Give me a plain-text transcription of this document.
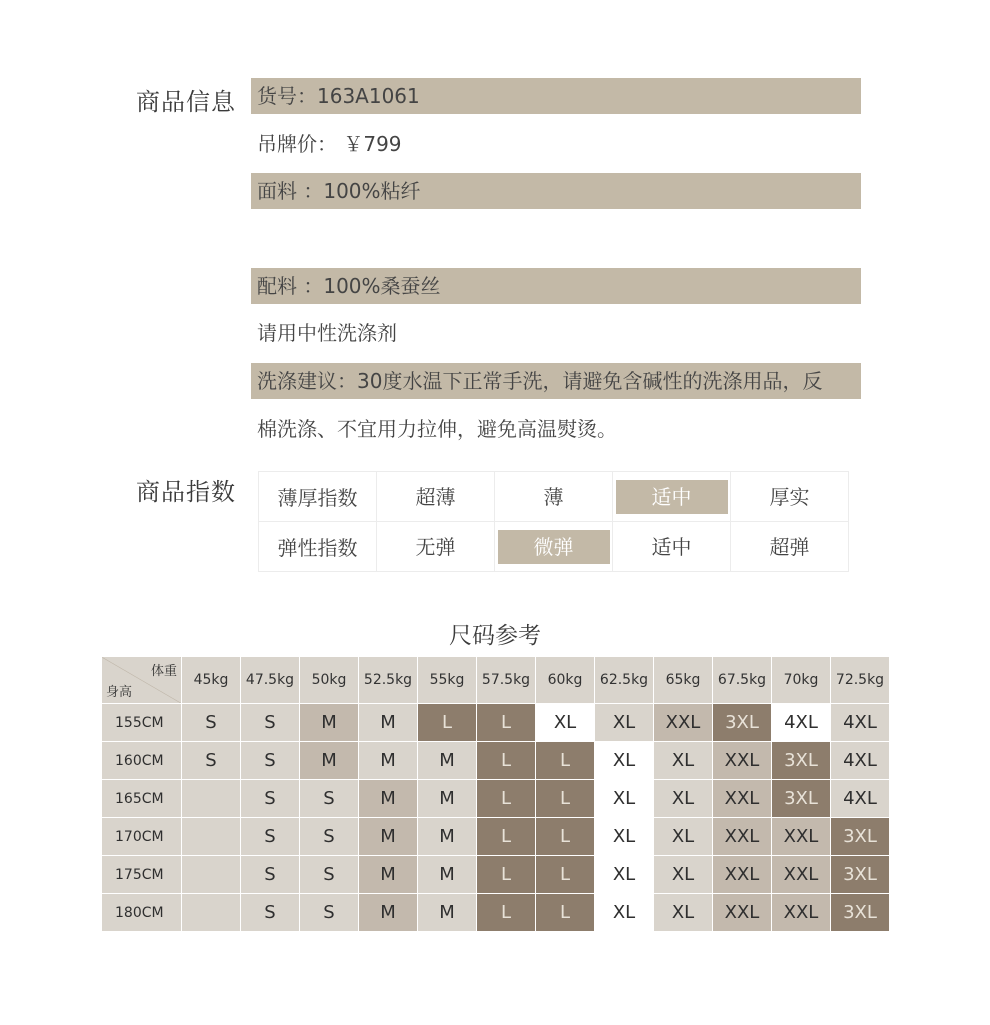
商品信息	货号：163A1061
吊牌价： ￥799
面料 ：100%粘纤
配料 ：100%桑蚕丝
请用中性洗涤剂
洗涤建议：30度水温下正常手洗，请避免含碱性的洗涤用品，反
棉洗涤、不宜用力拉伸，避免高温熨烫。
商品指数 薄厚指数	超薄	薄	适中	厚实
弹性指数	无弹	微弹	适中	超弹
尺码参考
体重
身高	45kg	47.5kg	50kg	52.5kg	55kg	57.5kg	60kg	62.5kg	65kg	67.5kg	70kg	72.5kg
155CM	S	S	M	M	L	L	XL	XL	XXL	3XL	4XL	4XL
160CM	S	S	M	M	M	L	L	XL	XL	XXL	3XL	4XL
165CM		S	S	M	M	L	L	XL	XL	XXL	3XL	4XL
170CM		S	S	M	M	L	L	XL	XL	XXL	XXL	3XL
175CM		S	S	M	M	L	L	XL	XL	XXL	XXL	3XL
180CM		S	S	M	M	L	L	XL	XL	XXL	XXL	3XL
